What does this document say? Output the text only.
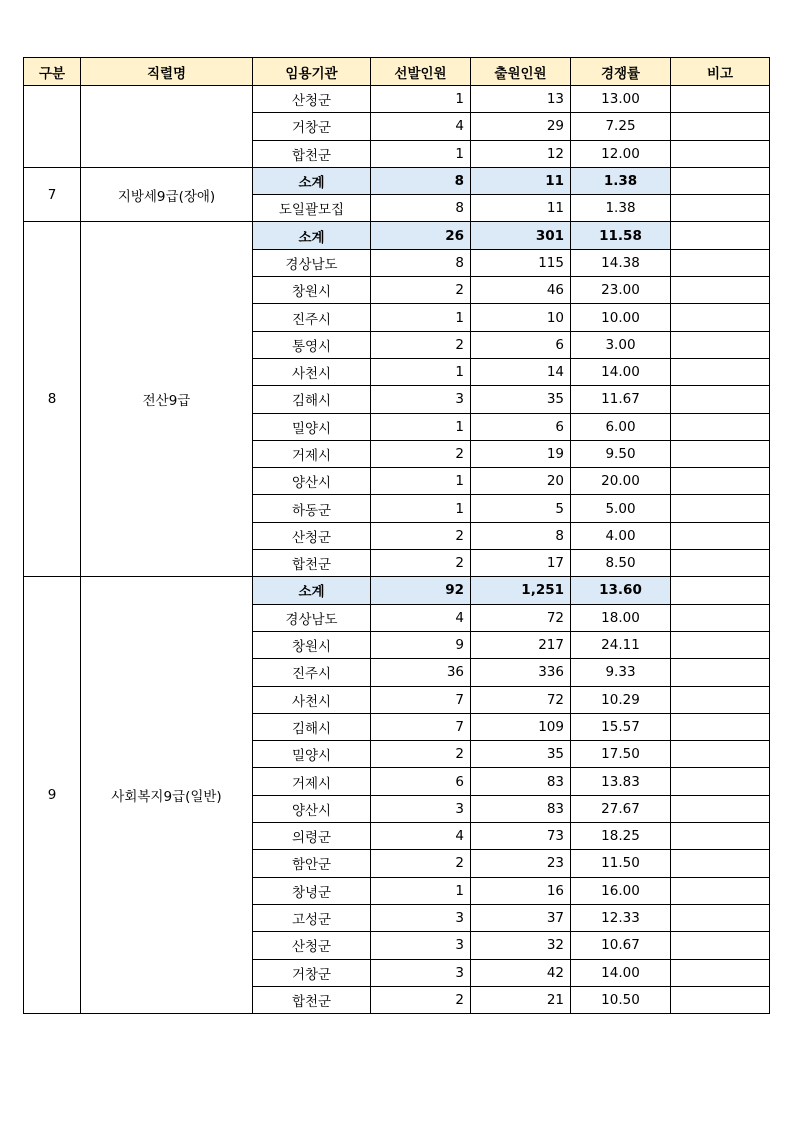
구분	직렬명	임용기관	선발인원	출원인원	경쟁률	비고
		산청군	1	13	13.00	
		거창군	4	29	7.25	
		합천군	1	12	12.00	
7	지방세9급(장애)	소계	8	11	1.38	
		도일괄모집	8	11	1.38	
8	전산9급	소계	26	301	11.58	
		경상남도	8	115	14.38	
		창원시	2	46	23.00	
		진주시	1	10	10.00	
		통영시	2	6	3.00	
		사천시	1	14	14.00	
		김해시	3	35	11.67	
		밀양시	1	6	6.00	
		거제시	2	19	9.50	
		양산시	1	20	20.00	
		하동군	1	5	5.00	
		산청군	2	8	4.00	
		합천군	2	17	8.50	
9	사회복지9급(일반)	소계	92	1,251	13.60	
		경상남도	4	72	18.00	
		창원시	9	217	24.11	
		진주시	36	336	9.33	
		사천시	7	72	10.29	
		김해시	7	109	15.57	
		밀양시	2	35	17.50	
		거제시	6	83	13.83	
		양산시	3	83	27.67	
		의령군	4	73	18.25	
		함안군	2	23	11.50	
		창녕군	1	16	16.00	
		고성군	3	37	12.33	
		산청군	3	32	10.67	
		거창군	3	42	14.00	
		합천군	2	21	10.50	
